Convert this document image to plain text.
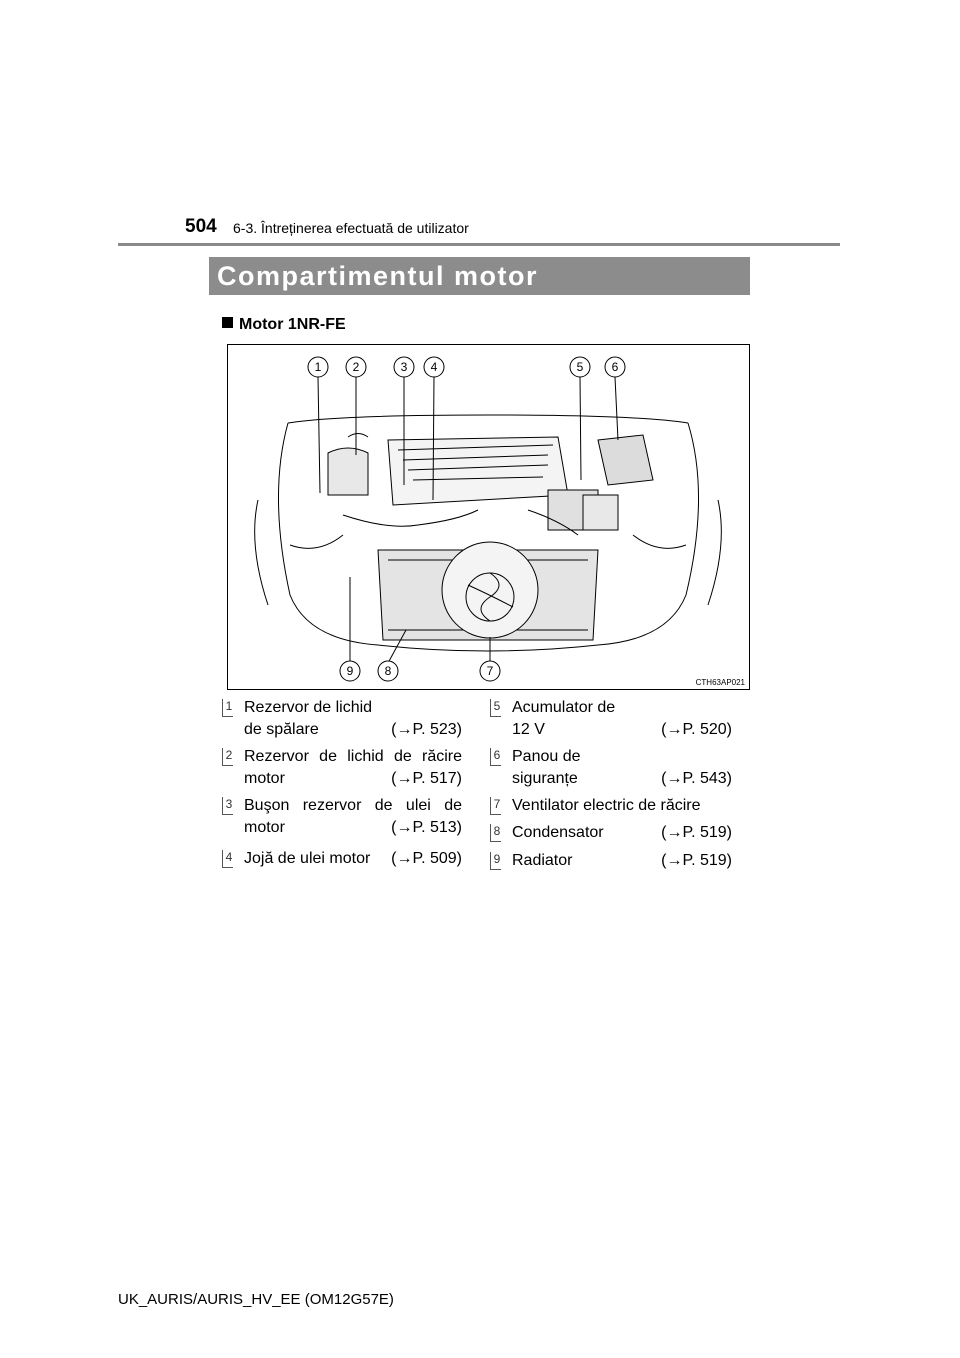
504 6-3. Întreținerea efectuată de utilizator
Compartimentul motor
Motor 1NR-FE
1	2	3 4	5 6
9	8	7
CTH63AP021
1 Rezervor de lichid
de spălare	(→P. 523)
2 Rezervor de lichid de răcire
motor	(→P. 517)
3 Buşon rezervor de ulei de
motor	(→P. 513)
4 Jojă de ulei motor (→P. 509)
5 Acumulator de
12 V	(→P. 520)
6 Panou de
siguranțe	(→P. 543)
7 Ventilator electric de răcire
8 Condensator	(→P. 519)
9 Radiator	(→P. 519)
UK_AURIS/AURIS_HV_EE (OM12G57E)
